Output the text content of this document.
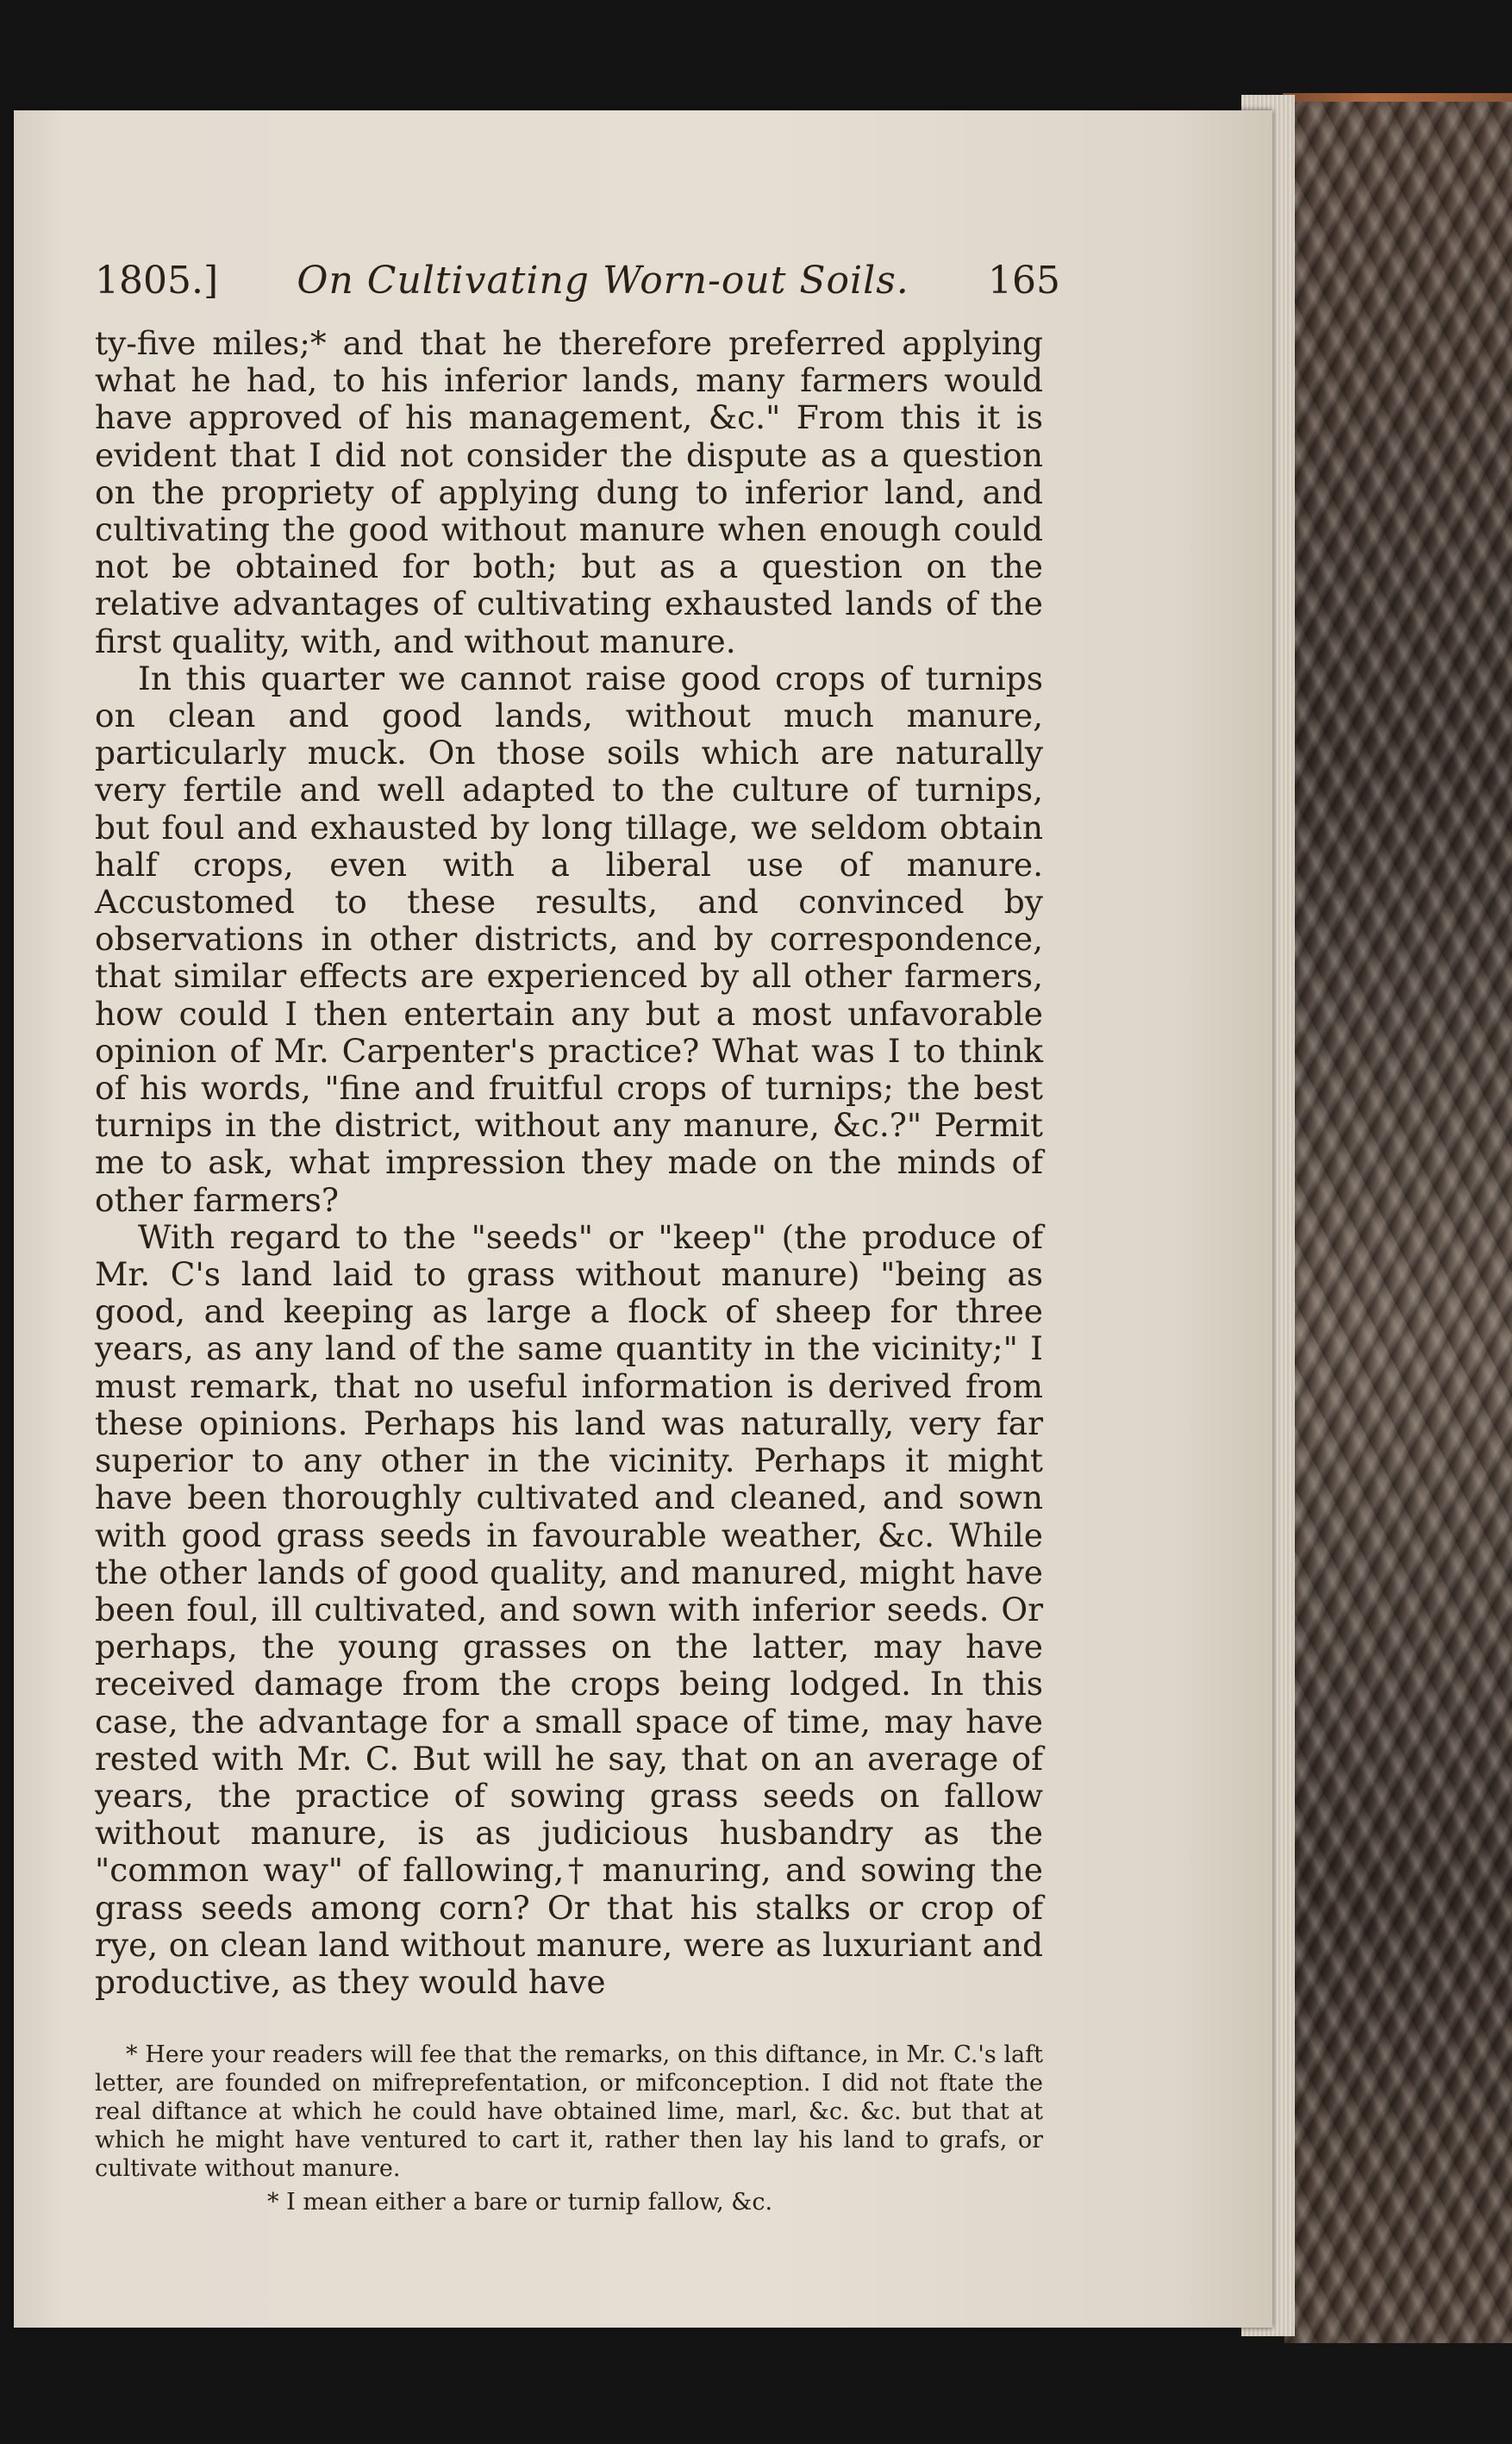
1805.]	On Cultivating Worn-out Soils.	165

ty-five miles;* and that he therefore preferred applying what he had, to his inferior lands, many farmers would have approved of his management, &c." From this it is evident that I did not consider the dispute as a question on the propriety of applying dung to inferior land, and cultivating the good without manure when enough could not be obtained for both; but as a question on the relative advantages of cultivating exhausted lands of the first quality, with, and without manure.

In this quarter we cannot raise good crops of turnips on clean and good lands, without much manure, particularly muck. On those soils which are naturally very fertile and well adapted to the culture of turnips, but foul and exhausted by long tillage, we seldom obtain half crops, even with a liberal use of manure. Accustomed to these results, and convinced by observations in other districts, and by correspondence, that similar effects are experienced by all other farmers, how could I then entertain any but a most unfavorable opinion of Mr. Carpenter's practice? What was I to think of his words, "fine and fruitful crops of turnips; the best turnips in the district, without any manure, &c.?" Permit me to ask, what impression they made on the minds of other farmers?

With regard to the "seeds" or "keep" (the produce of Mr. C's land laid to grass without manure) "being as good, and keeping as large a flock of sheep for three years, as any land of the same quantity in the vicinity;" I must remark, that no useful information is derived from these opinions. Perhaps his land was naturally, very far superior to any other in the vicinity. Perhaps it might have been thoroughly cultivated and cleaned, and sown with good grass seeds in favourable weather, &c. While the other lands of good quality, and manured, might have been foul, ill cultivated, and sown with inferior seeds. Or perhaps, the young grasses on the latter, may have received damage from the crops being lodged. In this case, the advantage for a small space of time, may have rested with Mr. C. But will he say, that on an average of years, the practice of sowing grass seeds on fallow without manure, is as judicious husbandry as the "common way" of fallowing,† manuring, and sowing the grass seeds among corn? Or that his stalks or crop of rye, on clean land without manure, were as luxuriant and productive, as they would have

* Here your readers will fee that the remarks, on this diftance, in Mr. C.'s laft letter, are founded on mifreprefentation, or mifconception. I did not ftate the real diftance at which he could have obtained lime, marl, &c. &c. but that at which he might have ventured to cart it, rather then lay his land to grafs, or cultivate without manure.

* I mean either a bare or turnip fallow, &c.
